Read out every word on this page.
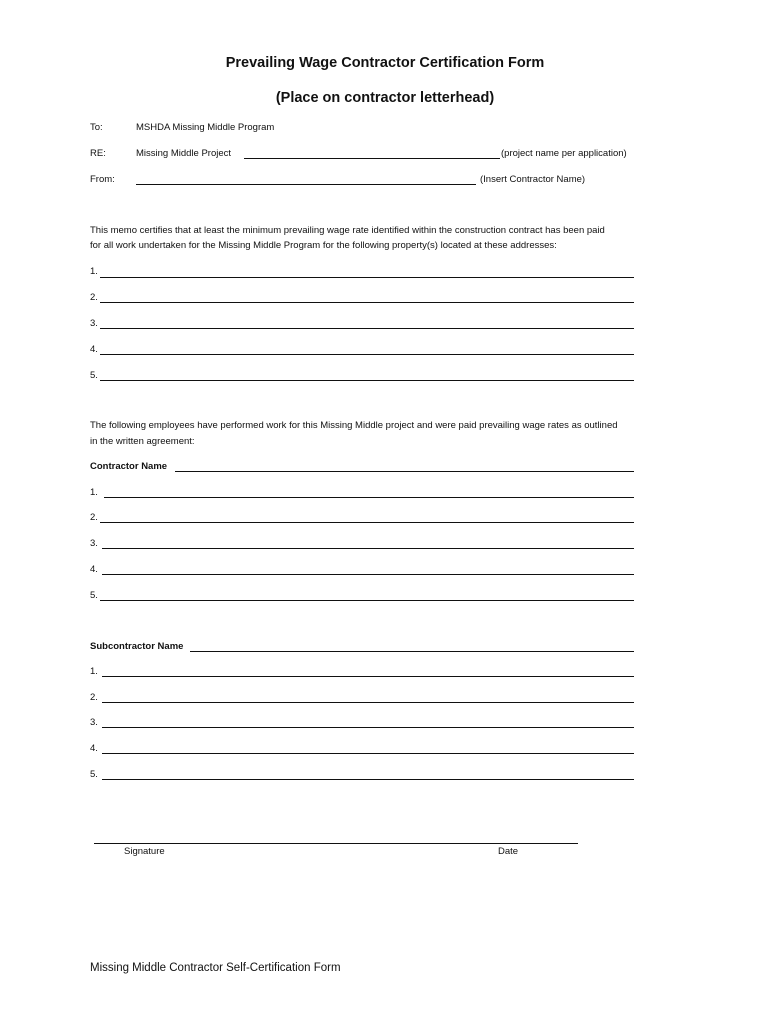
Prevailing Wage Contractor Certification Form
(Place on contractor letterhead)
To:	MSHDA Missing Middle Program
RE:	Missing Middle Project	(project name per application)
From:	(Insert Contractor Name)
This memo certifies that at least the minimum prevailing wage rate identified within the construction contract has been paid
for all work undertaken for the Missing Middle Program for the following property(s) located at these addresses:
1.
2.
3.
4.
5.
The following employees have performed work for this Missing Middle project and were paid prevailing wage rates as outlined
in the written agreement:
Contractor Name
1.
2.
3.
4.
5.
Subcontractor Name
1.
2.
3.
4.
5.
Signature	Date
Missing Middle Contractor Self-Certification Form
